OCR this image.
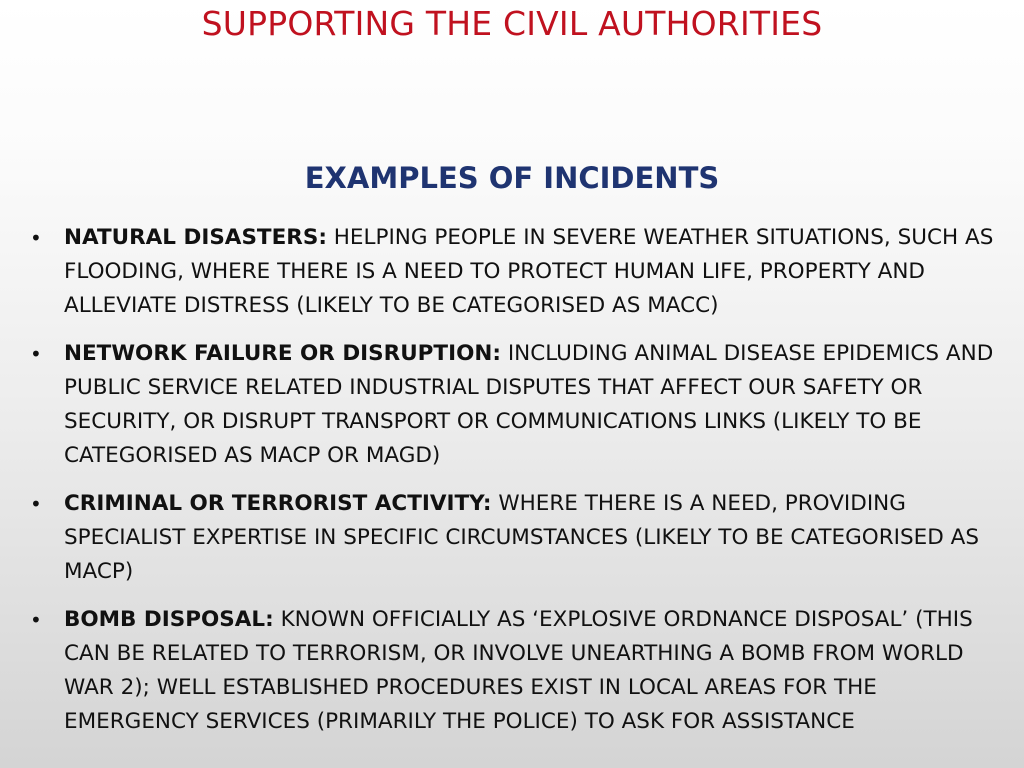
SUPPORTING THE CIVIL AUTHORITIES
EXAMPLES OF INCIDENTS
• NATURAL DISASTERS: HELPING PEOPLE IN SEVERE WEATHER SITUATIONS, SUCH AS FLOODING, WHERE THERE IS A NEED TO PROTECT HUMAN LIFE, PROPERTY AND ALLEVIATE DISTRESS (LIKELY TO BE CATEGORISED AS MACC)
• NETWORK FAILURE OR DISRUPTION: INCLUDING ANIMAL DISEASE EPIDEMICS AND PUBLIC SERVICE RELATED INDUSTRIAL DISPUTES THAT AFFECT OUR SAFETY OR SECURITY, OR DISRUPT TRANSPORT OR COMMUNICATIONS LINKS (LIKELY TO BE CATEGORISED AS MACP OR MAGD)
• CRIMINAL OR TERRORIST ACTIVITY: WHERE THERE IS A NEED, PROVIDING SPECIALIST EXPERTISE IN SPECIFIC CIRCUMSTANCES (LIKELY TO BE CATEGORISED AS MACP)
• BOMB DISPOSAL: KNOWN OFFICIALLY AS ‘EXPLOSIVE ORDNANCE DISPOSAL’ (THIS CAN BE RELATED TO TERRORISM, OR INVOLVE UNEARTHING A BOMB FROM WORLD WAR 2); WELL ESTABLISHED PROCEDURES EXIST IN LOCAL AREAS FOR THE EMERGENCY SERVICES (PRIMARILY THE POLICE) TO ASK FOR ASSISTANCE
